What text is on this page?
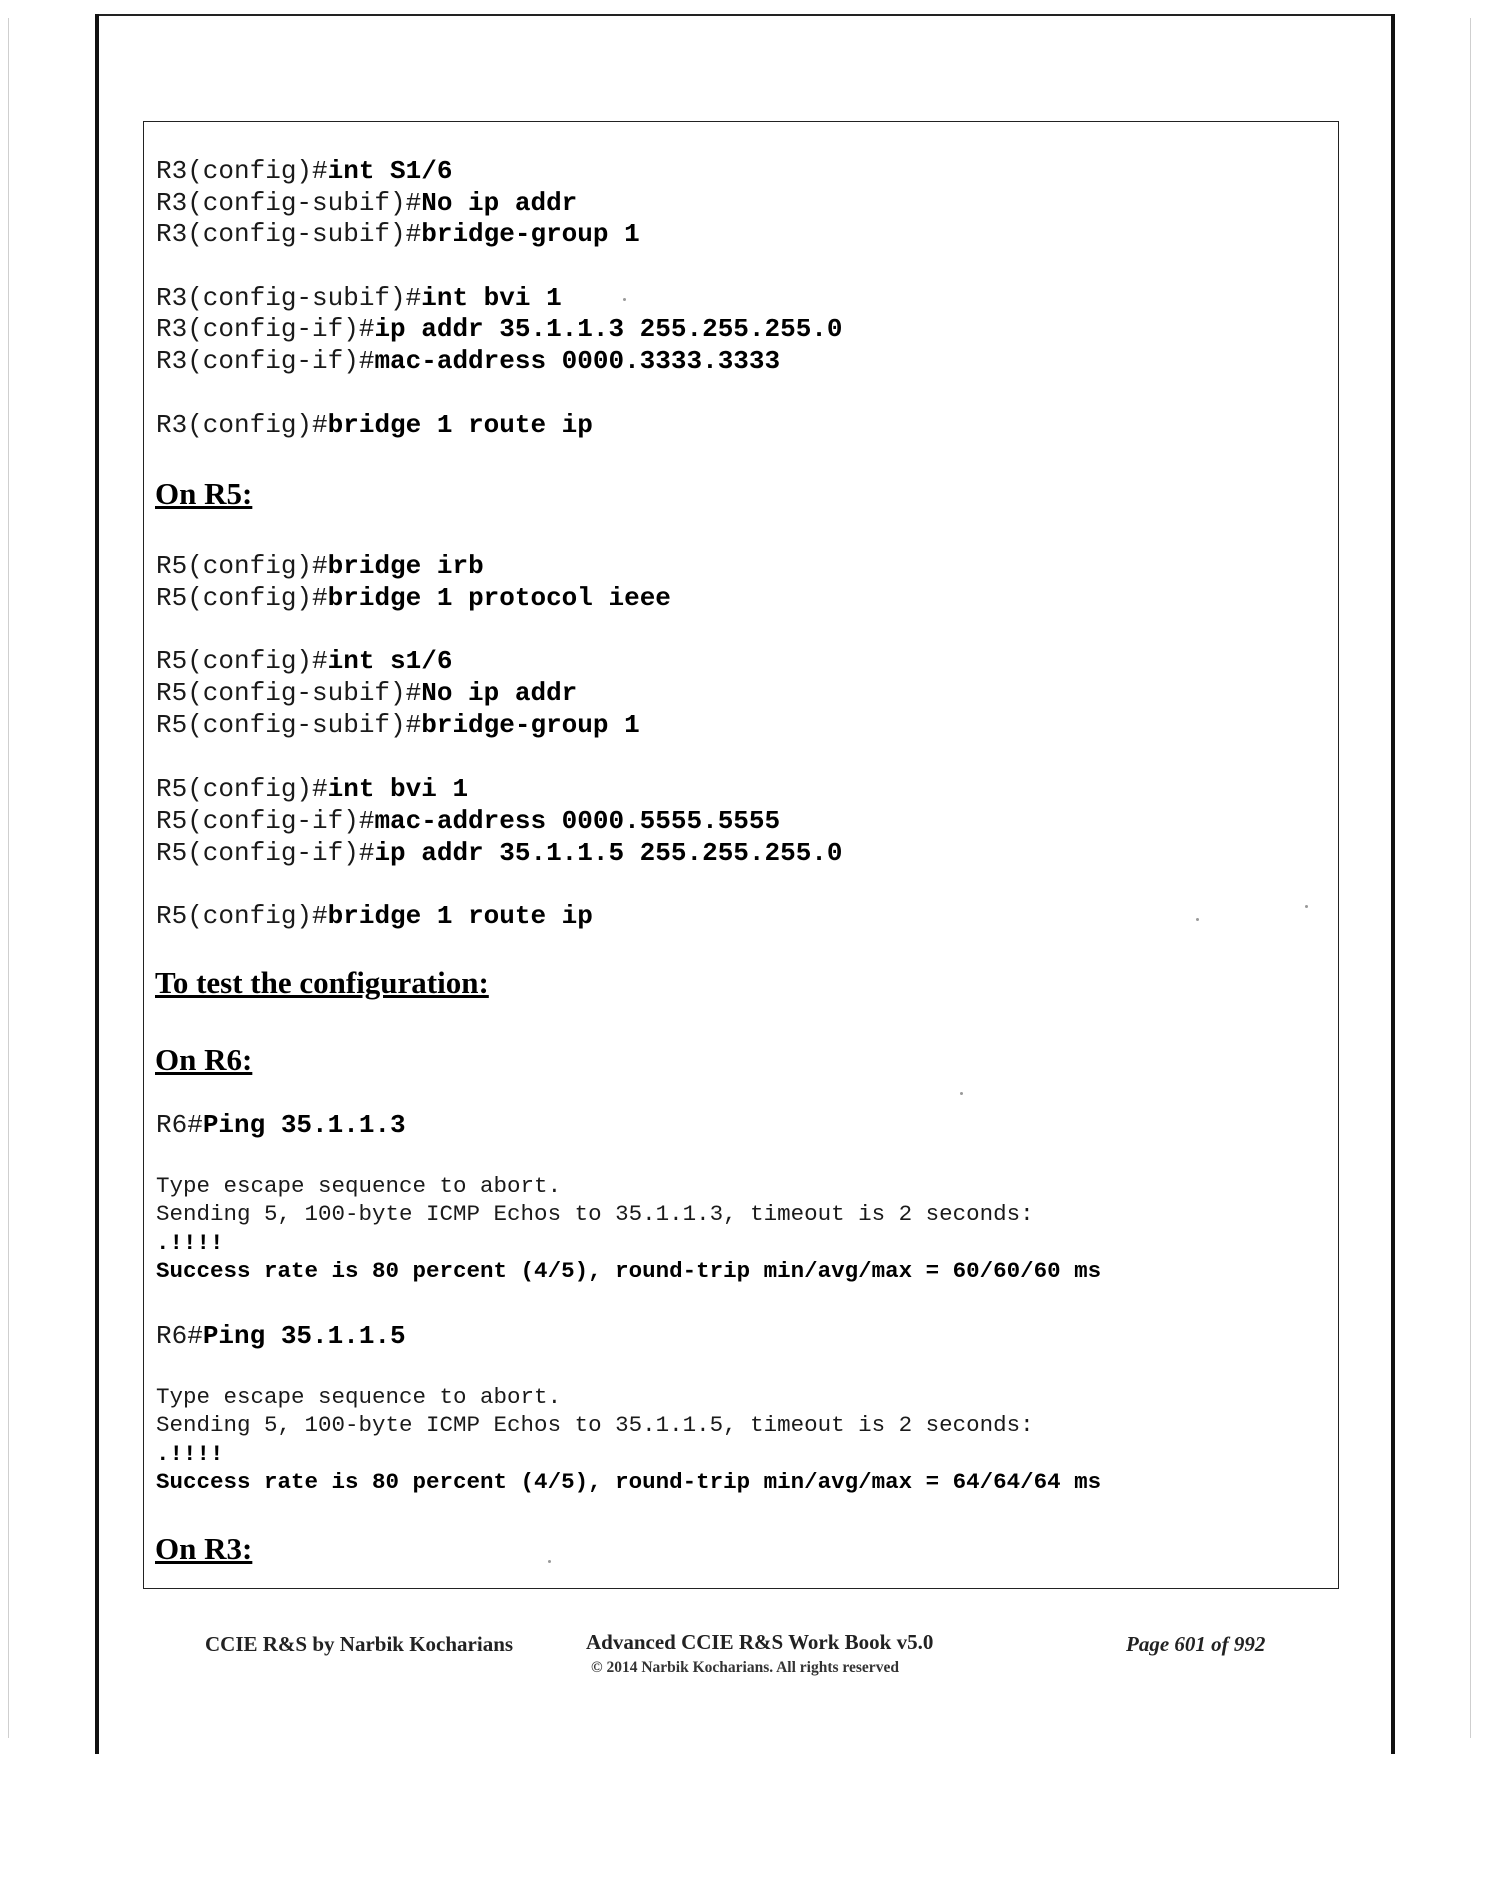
R3(config)#int S1/6
R3(config-subif)#No ip addr
R3(config-subif)#bridge-group 1
R3(config-subif)#int bvi 1
R3(config-if)#ip addr 35.1.1.3 255.255.255.0
R3(config-if)#mac-address 0000.3333.3333
R3(config)#bridge 1 route ip
On R5:
R5(config)#bridge irb
R5(config)#bridge 1 protocol ieee
R5(config)#int s1/6
R5(config-subif)#No ip addr
R5(config-subif)#bridge-group 1
R5(config)#int bvi 1
R5(config-if)#mac-address 0000.5555.5555
R5(config-if)#ip addr 35.1.1.5 255.255.255.0
R5(config)#bridge 1 route ip
To test the configuration:
On R6:
R6#Ping 35.1.1.3
Type escape sequence to abort.
Sending 5, 100-byte ICMP Echos to 35.1.1.3, timeout is 2 seconds:
.!!!!
Success rate is 80 percent (4/5), round-trip min/avg/max = 60/60/60 ms
R6#Ping 35.1.1.5
Type escape sequence to abort.
Sending 5, 100-byte ICMP Echos to 35.1.1.5, timeout is 2 seconds:
.!!!!
Success rate is 80 percent (4/5), round-trip min/avg/max = 64/64/64 ms
On R3:
CCIE R&S by Narbik Kocharians	Advanced CCIE R&S Work Book v5.0
© 2014 Narbik Kocharians. All rights reserved
Page 601 of 992
